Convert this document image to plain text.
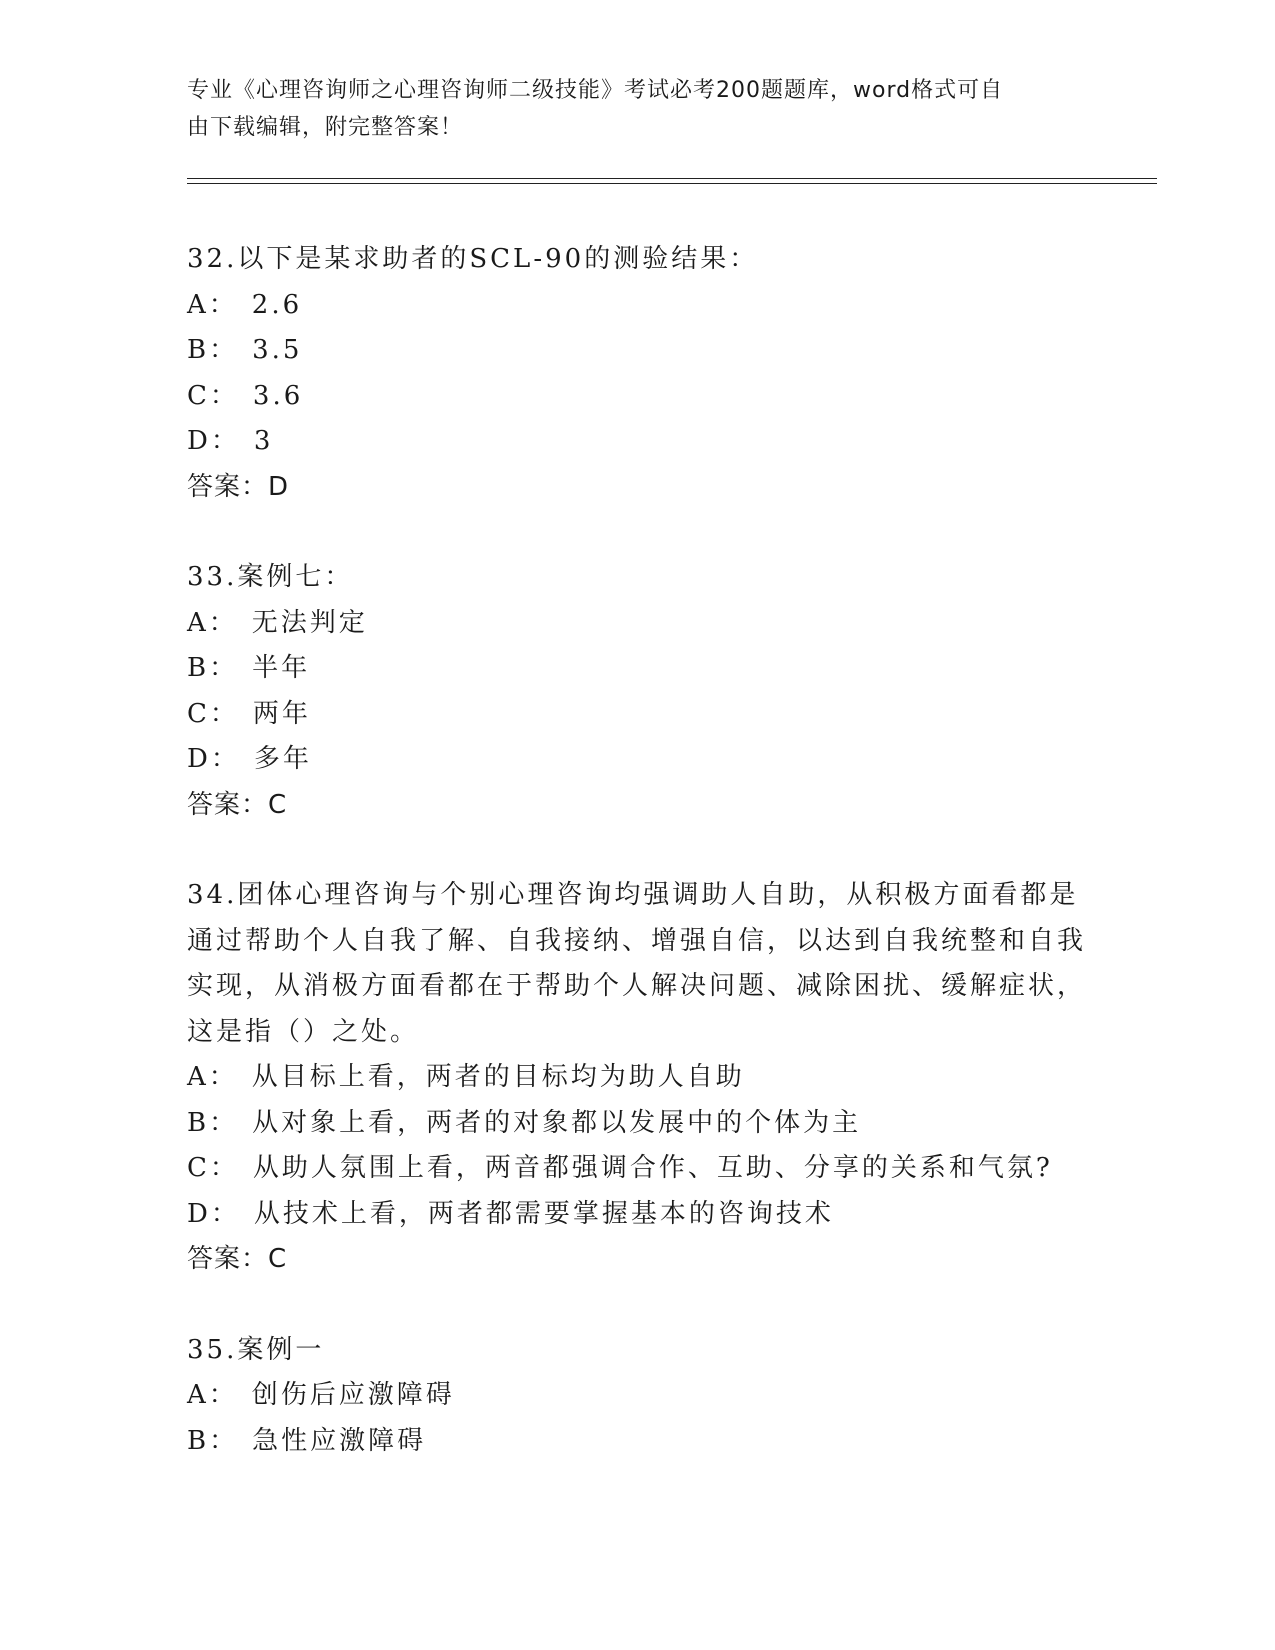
专业《心理咨询师之心理咨询师二级技能》考试必考200题题库，word格式可自
由下载编辑，附完整答案！

32.以下是某求助者的SCL-90的测验结果：

A： 2.6

B： 3.5

C： 3.6

D： 3

答案：D

33.案例七：

A： 无法判定

B： 半年

C： 两年

D： 多年

答案：C

34.团体心理咨询与个别心理咨询均强调助人自助，从积极方面看都是通过帮助个人自我了解、自我接纳、增强自信，以达到自我统整和自我实现，从消极方面看都在于帮助个人解决问题、减除困扰、缓解症状，这是指（）之处。

A： 从目标上看，两者的目标均为助人自助

B： 从对象上看，两者的对象都以发展中的个体为主

C： 从助人氛围上看，两音都强调合作、互助、分享的关系和气氛?

D： 从技术上看，两者都需要掌握基本的咨询技术

答案：C

35.案例一

A： 创伤后应激障碍

B： 急性应激障碍
